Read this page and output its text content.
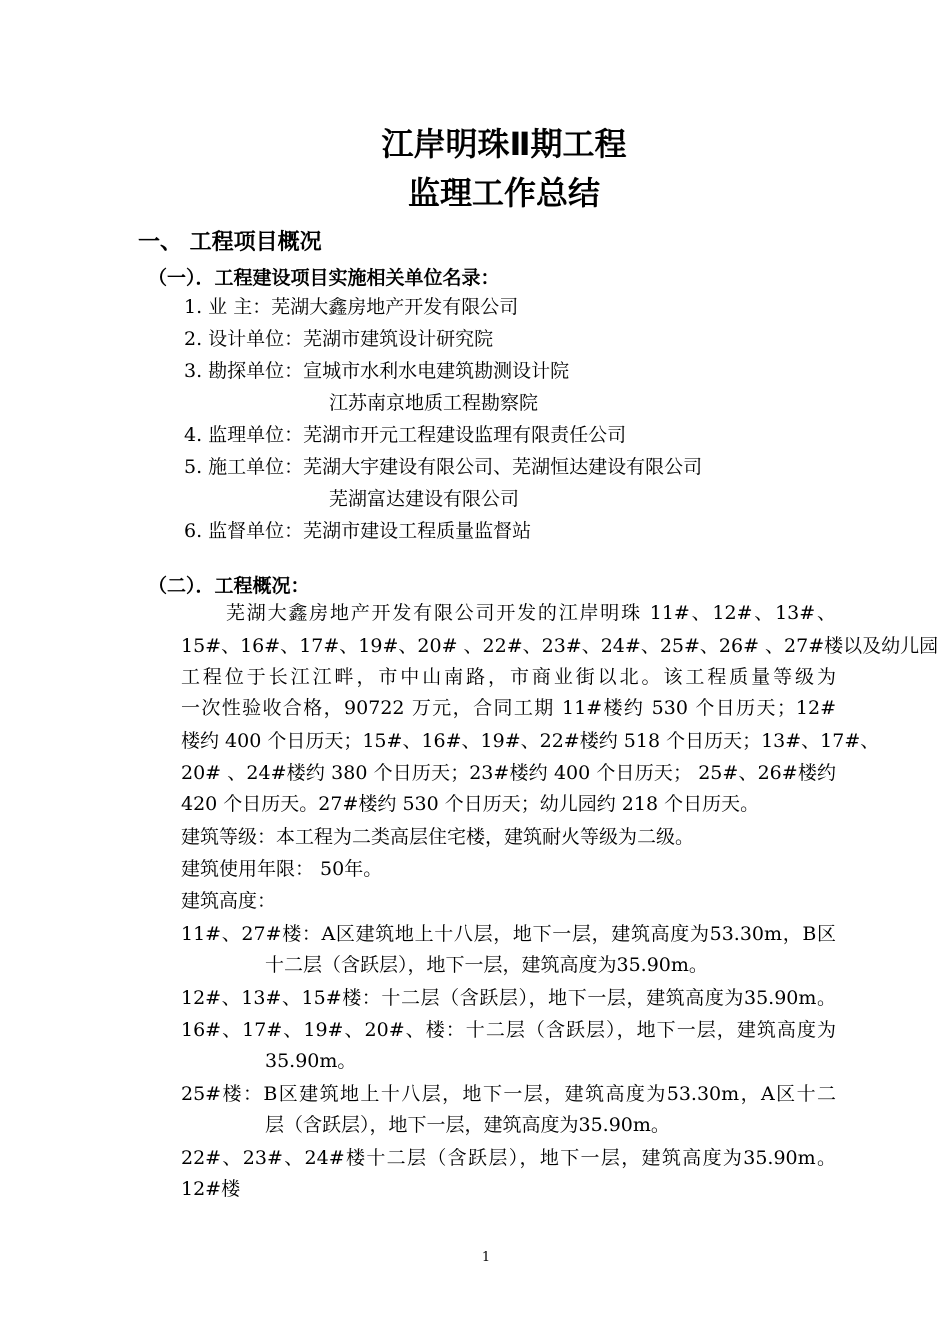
江岸明珠Ⅱ期工程
监理工作总结
一、 工程项目概况
（一）．工程建设项目实施相关单位名录：
1. 业 主：芜湖大鑫房地产开发有限公司
2. 设计单位：芜湖市建筑设计研究院
3. 勘探单位：宣城市水利水电建筑勘测设计院
江苏南京地质工程勘察院
4. 监理单位：芜湖市开元工程建设监理有限责任公司
5. 施工单位：芜湖大宇建设有限公司、芜湖恒达建设有限公司
芜湖富达建设有限公司
6. 监督单位：芜湖市建设工程质量监督站
（二）．工程概况：
芜湖大鑫房地产开发有限公司开发的江岸明珠 11#、12#、13#、
15#、16#、17#、19#、20# 、22#、23#、24#、25#、26# 、27#楼以及幼儿园
工程位于长江江畔，市中山南路，市商业街以北。该工程质量等级为
一次性验收合格，90722 万元，合同工期 11#楼约 530 个日历天；12#
楼约 400 个日历天；15#、16#、19#、22#楼约 518 个日历天；13#、17#、
20# 、24#楼约 380 个日历天；23#楼约 400 个日历天； 25#、26#楼约
420 个日历天。27#楼约 530 个日历天；幼儿园约 218 个日历天。
建筑等级：本工程为二类高层住宅楼，建筑耐火等级为二级。
建筑使用年限： 50年。
建筑高度：
11#、27#楼：A区建筑地上十八层，地下一层，建筑高度为53.30m，B区
十二层（含跃层），地下一层，建筑高度为35.90m。
12#、13#、15#楼：十二层（含跃层），地下一层，建筑高度为35.90m。
16#、17#、19#、20#、楼：十二层（含跃层），地下一层，建筑高度为
35.90m。
25#楼：B区建筑地上十八层，地下一层，建筑高度为53.30m，A区十二
层（含跃层），地下一层，建筑高度为35.90m。
22#、23#、24#楼十二层（含跃层），地下一层，建筑高度为35.90m。
12#楼
1
